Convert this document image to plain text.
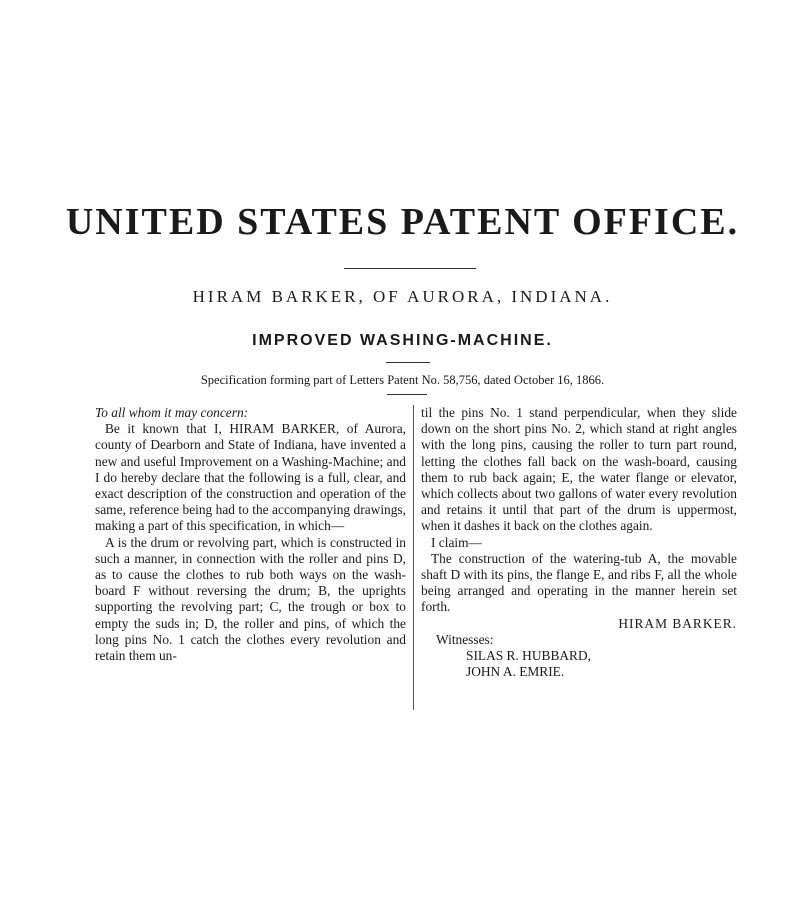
UNITED STATES PATENT OFFICE.
HIRAM BARKER, OF AURORA, INDIANA.
IMPROVED WASHING-MACHINE.
Specification forming part of Letters Patent No. 58,756, dated October 16, 1866.

To all whom it may concern:

Be it known that I, HIRAM BARKER, of Aurora, county of Dearborn and State of Indiana, have invented a new and useful Improvement on a Washing-Machine; and I do hereby declare that the following is a full, clear, and exact description of the construction and operation of the same, reference being had to the accompanying drawings, making a part of this specification, in which—

A is the drum or revolving part, which is constructed in such a manner, in connection with the roller and pins D, as to cause the clothes to rub both ways on the wash-board F without reversing the drum; B, the uprights supporting the revolving part; C, the trough or box to empty the suds in; D, the roller and pins, of which the long pins No. 1 catch the clothes every revolution and retain them un-

til the pins No. 1 stand perpendicular, when they slide down on the short pins No. 2, which stand at right angles with the long pins, causing the roller to turn part round, letting the clothes fall back on the wash-board, causing them to rub back again; E, the water flange or elevator, which collects about two gallons of water every revolution and retains it until that part of the drum is uppermost, when it dashes it back on the clothes again.

I claim—

The construction of the watering-tub A, the movable shaft D with its pins, the flange E, and ribs F, all the whole being arranged and operating in the manner herein set forth.

HIRAM BARKER.

Witnesses:

SILAS R. HUBBARD,

JOHN A. EMRIE.
